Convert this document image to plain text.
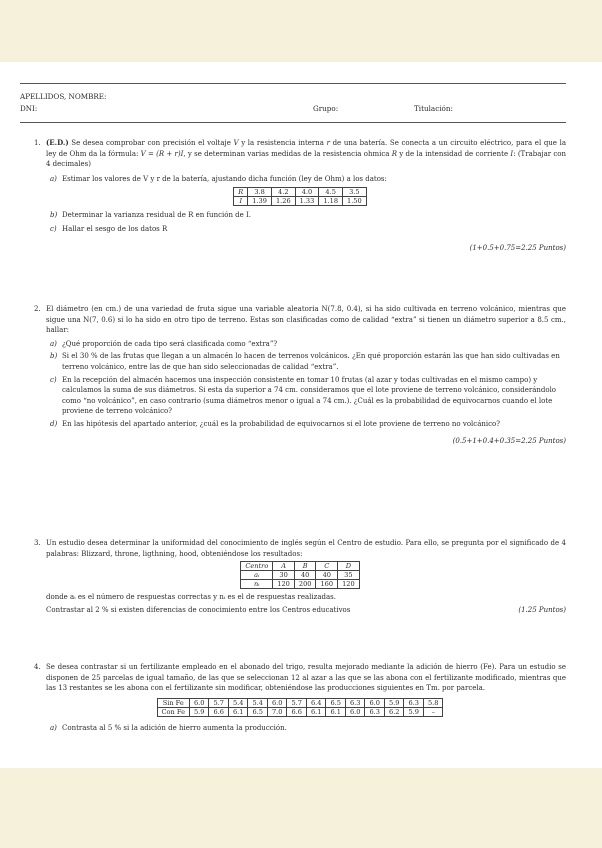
APELLIDOS, NOMBRE:
DNI:	Grupo:	Titulación:
1. (E.D.) Se desea comprobar con precisión el voltaje V y la resistencia interna r de una batería. Se conecta a un circuito eléctrico, para el que la ley de Ohm da la fórmula: V = (R + r)I, y se determinan varias medidas de la resistencia ohmica R y de la intensidad de corriente I: (Trabajar con 4 decimales)
a) Estimar los valores de V y r de la batería, ajustando dicha función (ley de Ohm) a los datos:
R	3.8	4.2	4.0	4.5	3.5
I	1.39	1.26	1.33	1.18	1.50
b) Determinar la varianza residual de R en función de I.
c) Hallar el sesgo de los datos R
(1+0.5+0.75=2.25 Puntos)
2. El diámetro (en cm.) de una variedad de fruta sigue una variable aleatoria N(7.8, 0.4), si ha sido cultivada en terreno volcánico, mientras que sigue una N(7, 0.6) si lo ha sido en otro tipo de terreno. Estas son clasificadas como de calidad “extra” si tienen un diámetro superior a 8.5 cm., hallar:
a) ¿Qué proporción de cada tipo será clasificada como “extra”?
b) Si el 30 % de las frutas que llegan a un almacén lo hacen de terrenos volcánicos. ¿En qué proporción estarán las que han sido cultivadas en terreno volcánico, entre las de que han sido seleccionadas de calidad “extra”.
c) En la recepción del almacén hacemos una inspección consistente en tomar 10 frutas (al azar y todas cultivadas en el mismo campo) y calculamos la suma de sus diámetros. Si esta da superior a 74 cm. consideramos que el lote proviene de terreno volcánico, considerándolo como “no volcánico”, en caso contrario (suma diámetros menor o igual a 74 cm.). ¿Cuál es la probabilidad de equivocarnos cuando el lote proviene de terreno volcánico?
d) En las hipótesis del apartado anterior, ¿cuál es la probabilidad de equivocarnos si el lote proviene de terreno no volcánico?
(0.5+1+0.4+0.35=2.25 Puntos)
3. Un estudio desea determinar la uniformidad del conocimiento de inglés según el Centro de estudio. Para ello, se pregunta por el significado de 4 palabras: Blizzard, throne, ligthning, hood, obteniéndose los resultados:
Centro	A	B	C	D
aᵢ	30	40	40	35
nᵢ	120	200	160	120
donde aᵢ es el número de respuestas correctas y nᵢ es el de respuestas realizadas.
Contrastar al 2 % si existen diferencias de conocimiento entre los Centros educativos	(1.25 Puntos)
4. Se desea contrastar si un fertilizante empleado en el abonado del trigo, resulta mejorado mediante la adición de hierro (Fe). Para un estudio se disponen de 25 parcelas de igual tamaño, de las que se seleccionan 12 al azar a las que se las abona con el fertilizante modificado, mientras que las 13 restantes se les abona con el fertilizante sin modificar, obteniéndose las producciones siguientes en Tm. por parcela.
Sin Fe	6.0	5.7	5.4	5.4	6.0	5.7	6.4	6.5	6.3	6.0	5.9	6.3	5.8
Con Fe	5.9	6.6	6.1	6.5	7.0	6.6	6.1	6.1	6.0	6.3	6.2	5.9	–
a) Contrasta al 5 % si la adición de hierro aumenta la producción.
